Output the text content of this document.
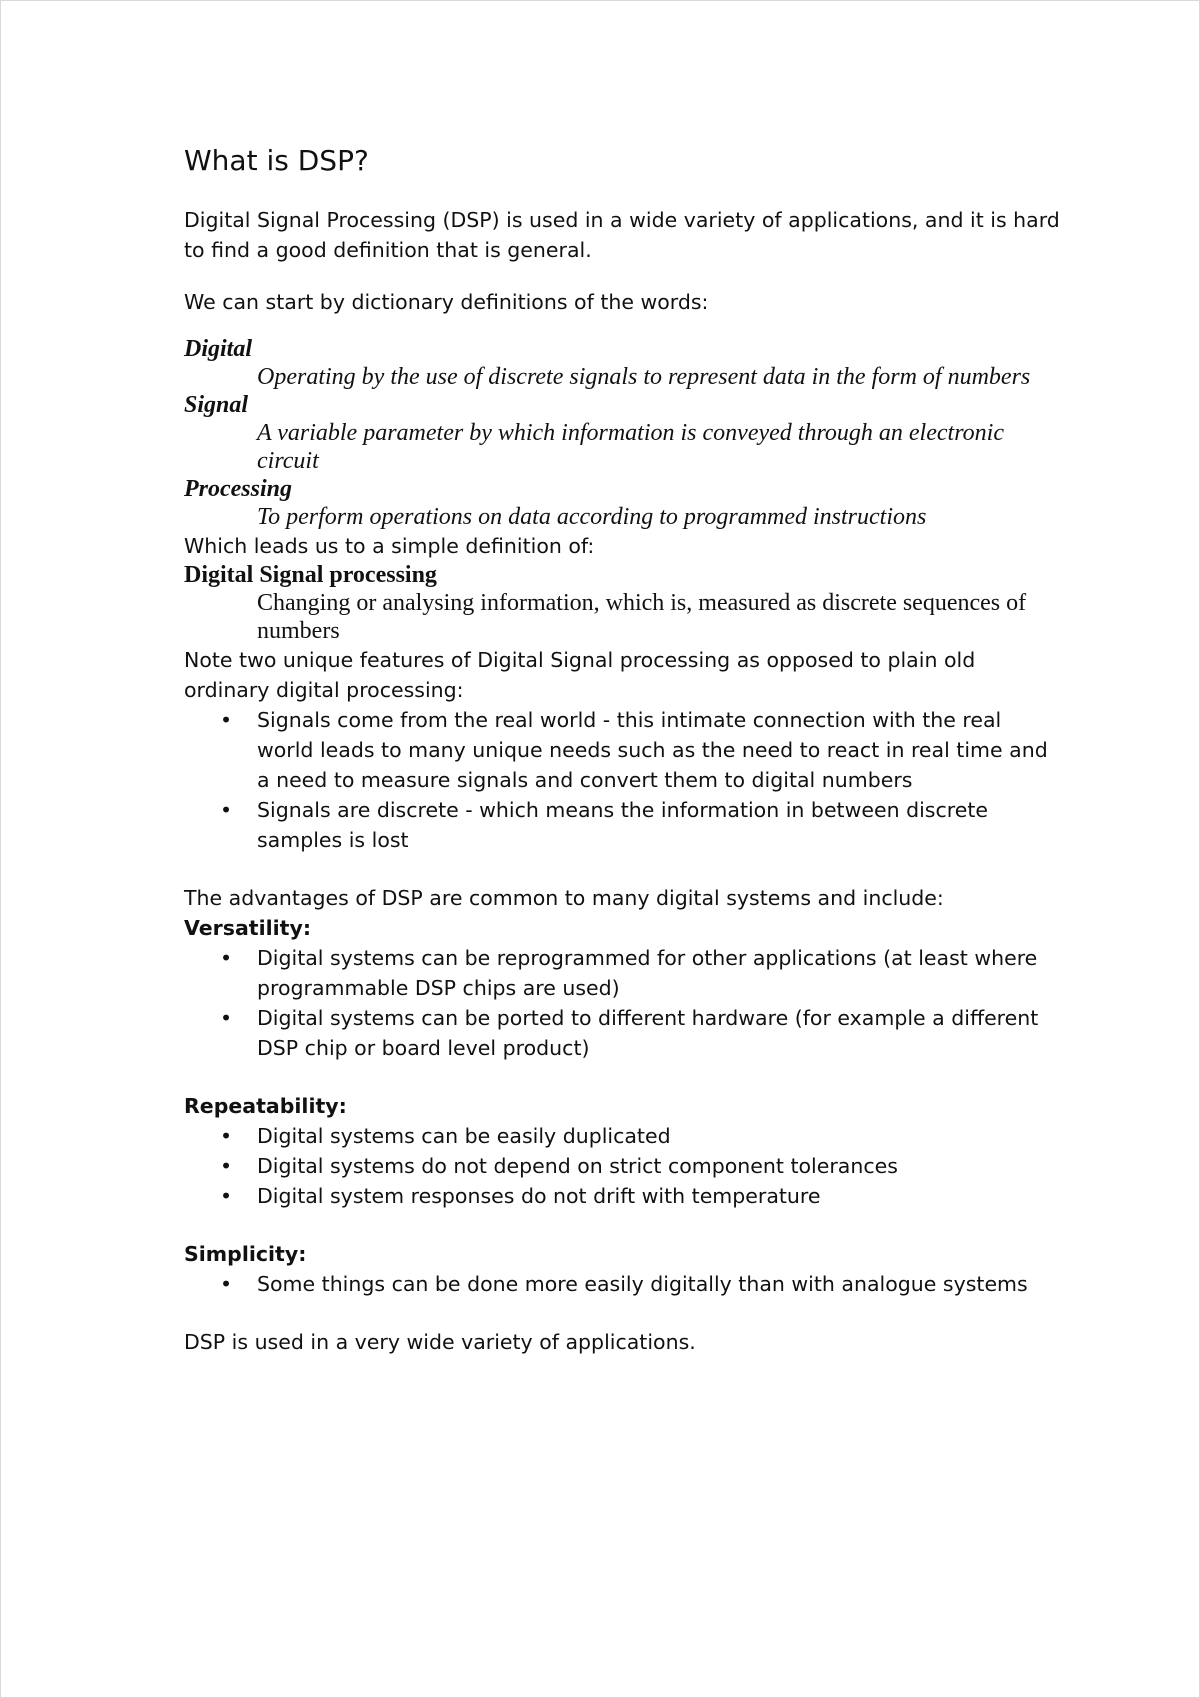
What is DSP?

Digital Signal Processing (DSP) is used in a wide variety of applications, and it is hard to find a good definition that is general.

We can start by dictionary definitions of the words:

Digital
Operating by the use of discrete signals to represent data in the form of numbers
Signal
A variable parameter by which information is conveyed through an electronic circuit
Processing
To perform operations on data according to programmed instructions

Which leads us to a simple definition of:

Digital Signal processing
Changing or analysing information, which is, measured as discrete sequences of numbers

Note two unique features of Digital Signal processing as opposed to plain old ordinary digital processing:

• Signals come from the real world - this intimate connection with the real world leads to many unique needs such as the need to react in real time and a need to measure signals and convert them to digital numbers
• Signals are discrete - which means the information in between discrete samples is lost

The advantages of DSP are common to many digital systems and include:

Versatility:

• Digital systems can be reprogrammed for other applications (at least where programmable DSP chips are used)
• Digital systems can be ported to different hardware (for example a different DSP chip or board level product)

Repeatability:

• Digital systems can be easily duplicated
• Digital systems do not depend on strict component tolerances
• Digital system responses do not drift with temperature

Simplicity:

• Some things can be done more easily digitally than with analogue systems

DSP is used in a very wide variety of applications.
